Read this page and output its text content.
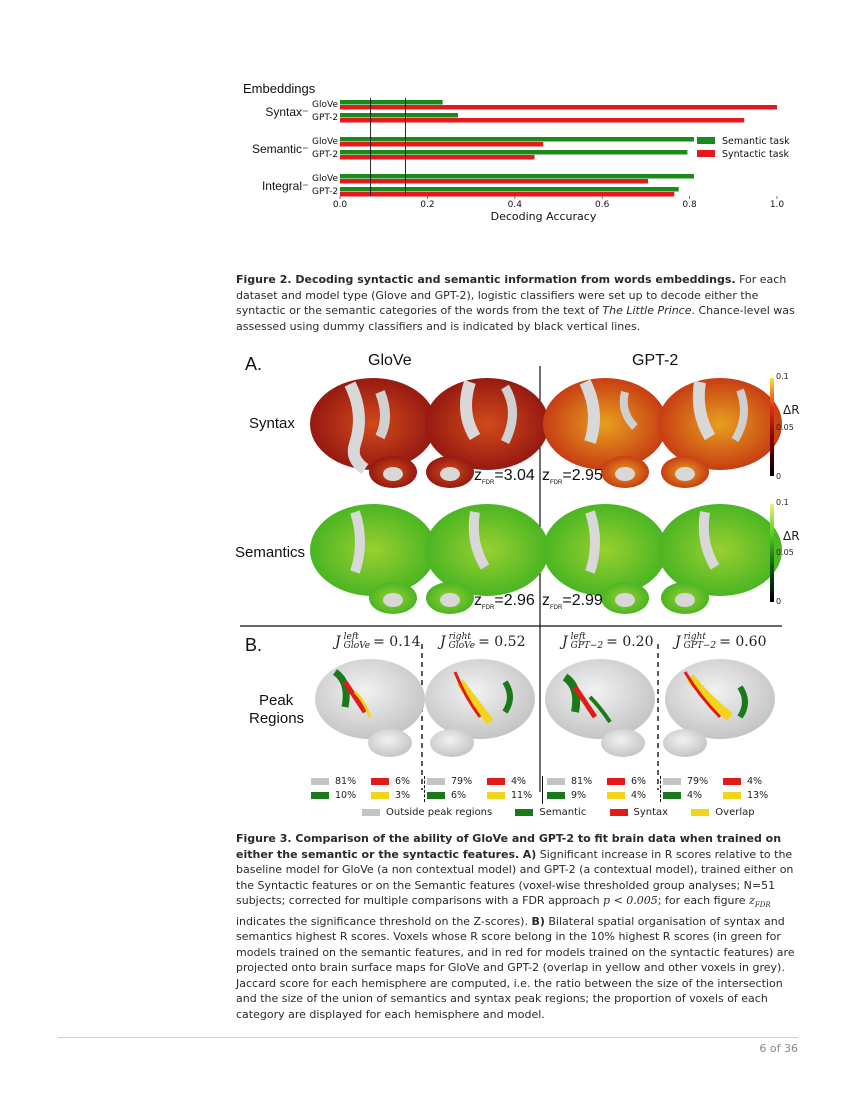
Embeddings
Syntax GloVe
GPT-2
Semantic GloVe
GPT-2
Integral GloVe
GPT-2
0.0	0.2	0.4	0.6	0.8	1.0
Decoding Accuracy
Semantic task
Syntactic task
Figure 2. Decoding syntactic and semantic information from words embeddings. For each dataset and model type (Glove and GPT-2), logistic classifiers were set up to decode either the syntactic or the semantic categories of the words from the text of The Little Prince. Chance-level was assessed using dummy classifiers and is indicated by black vertical lines.
A.	GloVe	GPT-2
Syntax
Semantics
$z_{FDR}=3.04$ $z_{FDR}=2.95$
$z_{FDR}=2.96$ $z_{FDR}=2.99$
0.1
ΔR
0.05
0
0.1
ΔR
0.05
0
B.
Peak
Regions
J left
GloVe = 0.14 J right
GloVe = 0.52	J left
GPT−2 = 0.20 J right
GPT−2 = 0.60
81%	6%
10%	3%
79%	4%
6%	11%
81%	6%
9%	4%
79%	4%
4%	13%
Outside peak regions	Semantic	Syntax	Overlap
Figure 3. Comparison of the ability of GloVe and GPT-2 to fit brain data when trained on either the semantic or the syntactic features. A) Significant increase in R scores relative to the baseline model for GloVe (a non contextual model) and GPT-2 (a contextual model), trained either on the Syntactic features or on the Semantic features (voxel-wise thresholded group analyses; N=51 subjects; corrected for multiple comparisons with a FDR approach p < 0.005; for each figure $z_{FDR}$ indicates the significance threshold on the Z-scores). B) Bilateral spatial organisation of syntax and semantics highest R scores. Voxels whose R score belong in the 10% highest R scores (in green for models trained on the semantic features, and in red for models trained on the syntactic features) are projected onto brain surface maps for GloVe and GPT-2 (overlap in yellow and other voxels in grey). Jaccard score for each hemisphere are computed, i.e. the ratio between the size of the intersection and the size of the union of semantics and syntax peak regions; the proportion of voxels of each category are displayed for each hemisphere and model.
6 of 36
